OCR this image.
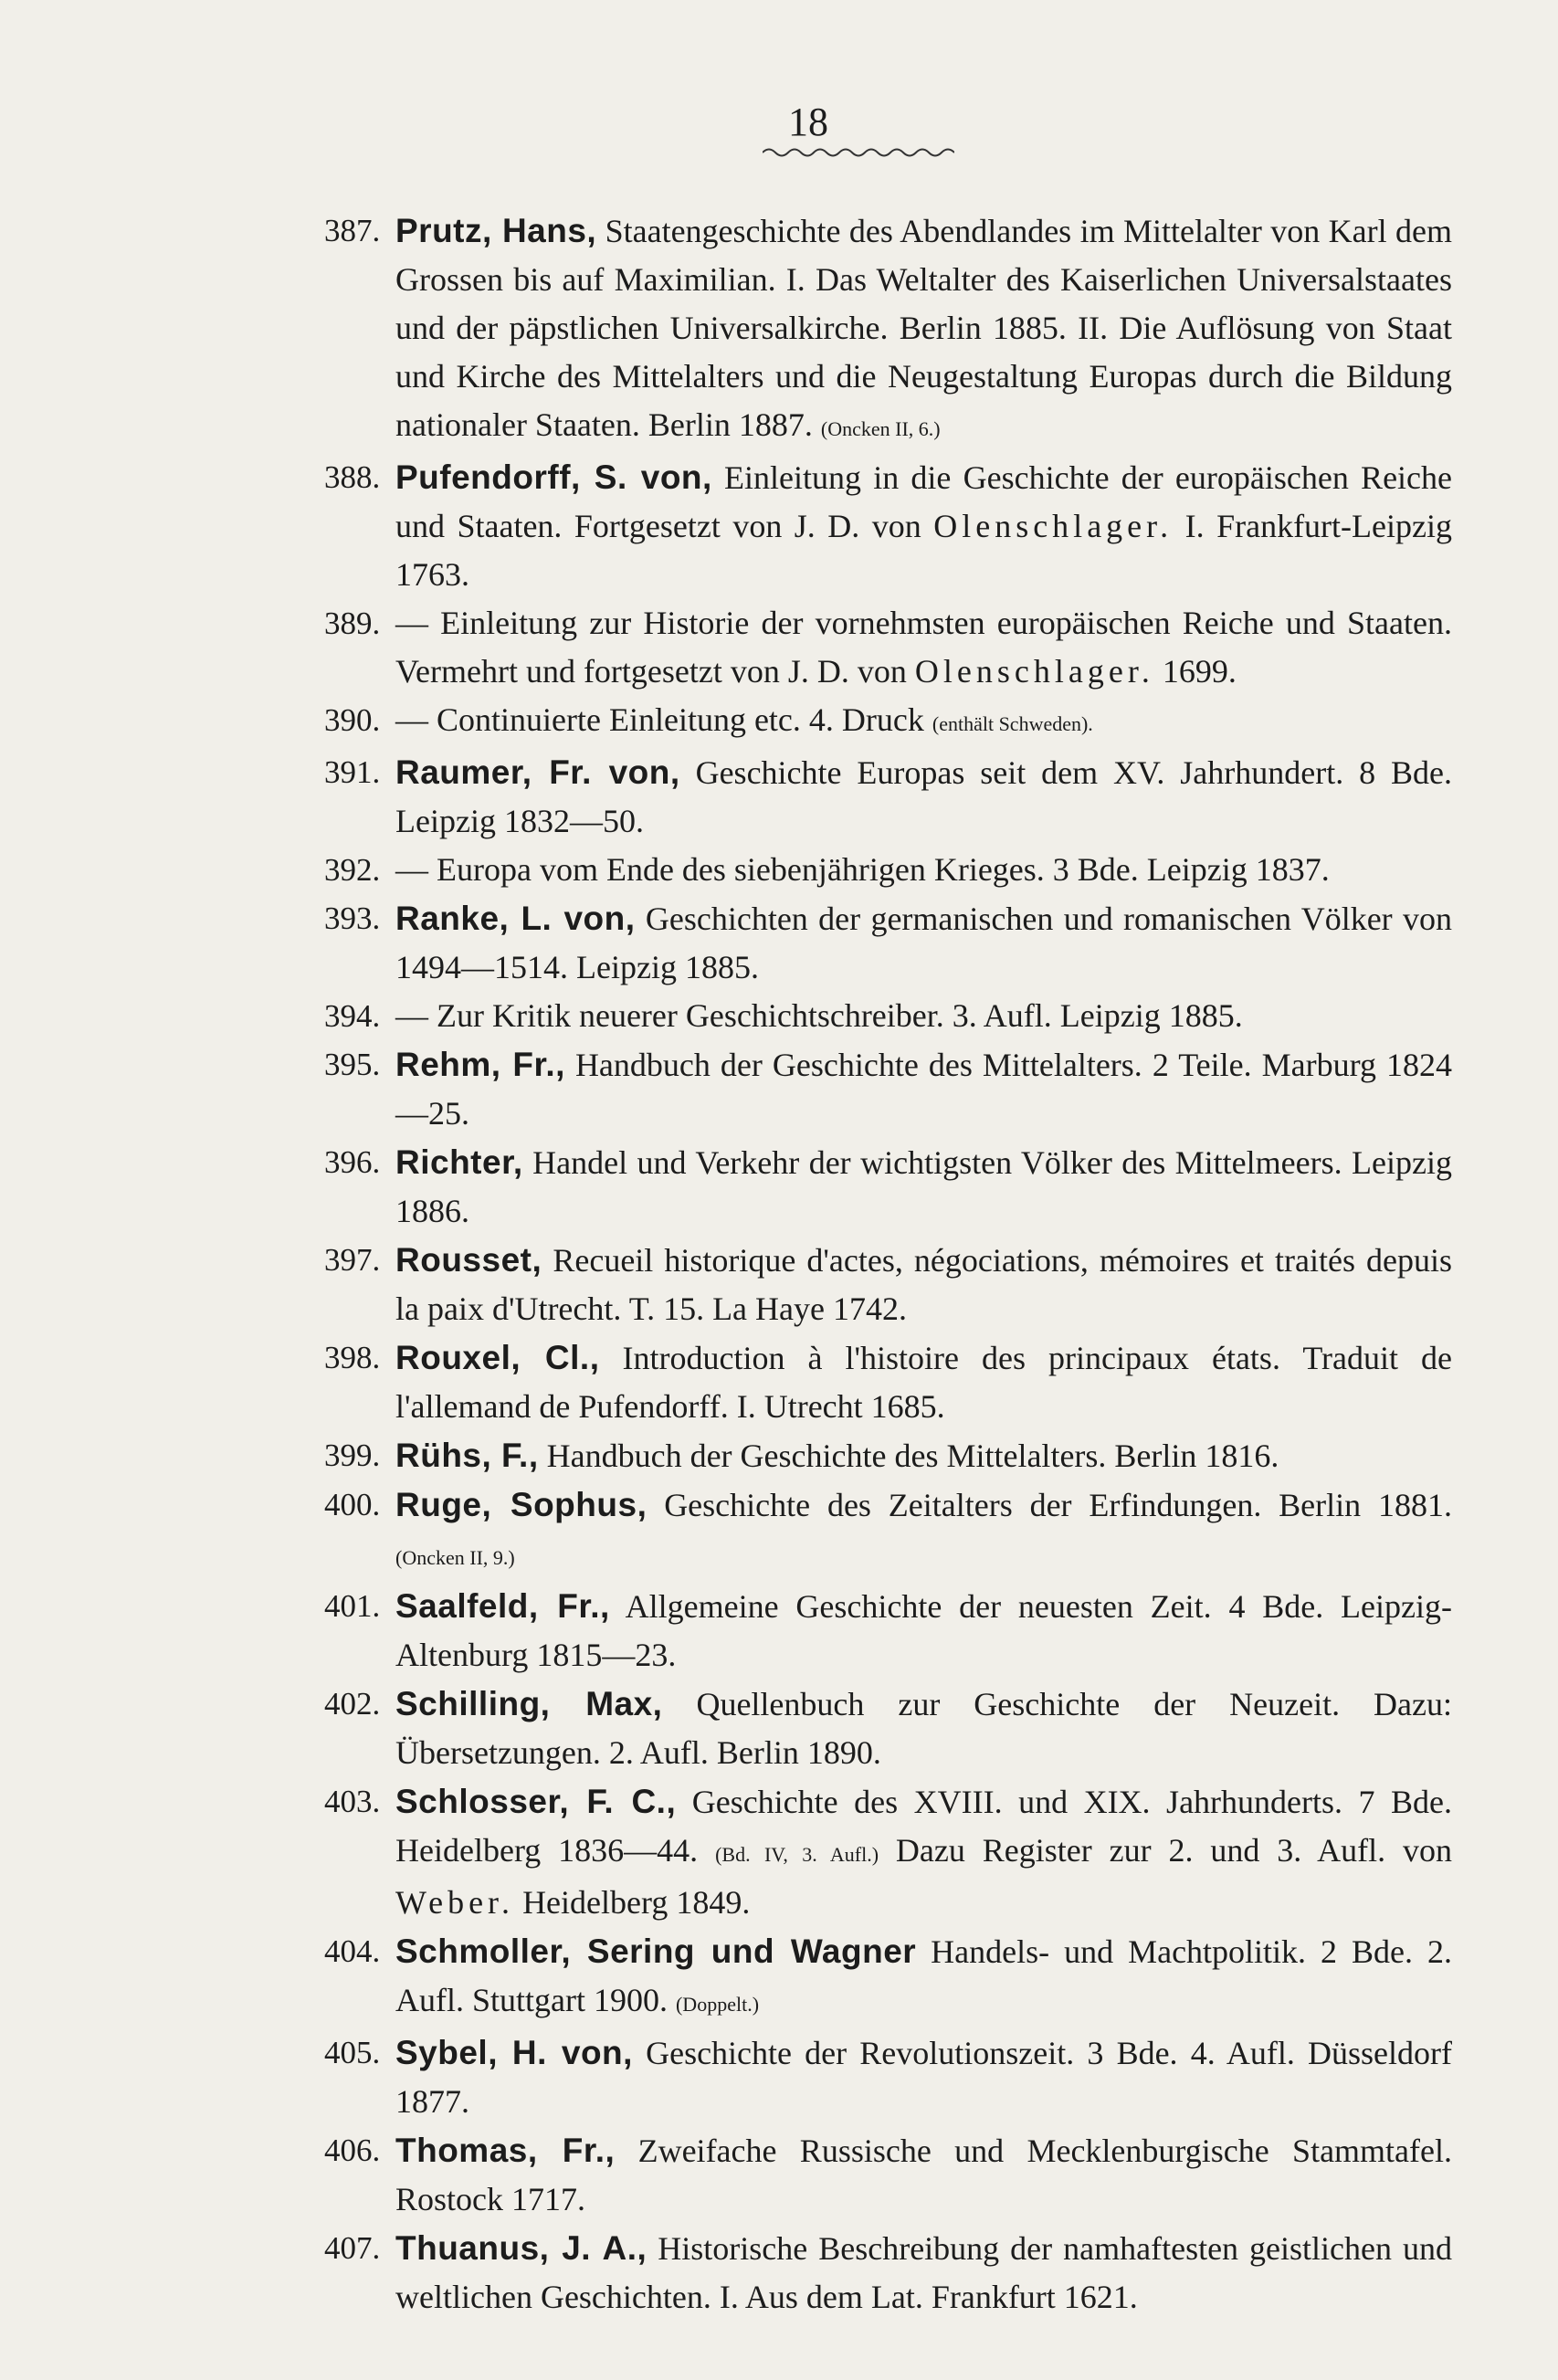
18

387. Prutz, Hans, Staatengeschichte des Abendlandes im Mittelalter von Karl dem Grossen bis auf Maximilian. I. Das Weltalter des Kaiserlichen Universalstaates und der päpstlichen Universalkirche. Berlin 1885. II. Die Auflösung von Staat und Kirche des Mittelalters und die Neugestaltung Europas durch die Bildung nationaler Staaten. Berlin 1887. (Oncken II, 6.)

388. Pufendorff, S. von, Einleitung in die Geschichte der europäischen Reiche und Staaten. Fortgesetzt von J. D. von Olenschlager. I. Frankfurt-Leipzig 1763.

389. — Einleitung zur Historie der vornehmsten europäischen Reiche und Staaten. Vermehrt und fortgesetzt von J. D. von Olenschlager. 1699.

390. — Continuierte Einleitung etc. 4. Druck (enthält Schweden).

391. Raumer, Fr. von, Geschichte Europas seit dem XV. Jahrhundert. 8 Bde. Leipzig 1832—50.

392. — Europa vom Ende des siebenjährigen Krieges. 3 Bde. Leipzig 1837.

393. Ranke, L. von, Geschichten der germanischen und romanischen Völker von 1494—1514. Leipzig 1885.

394. — Zur Kritik neuerer Geschichtschreiber. 3. Aufl. Leipzig 1885.

395. Rehm, Fr., Handbuch der Geschichte des Mittelalters. 2 Teile. Marburg 1824—25.

396. Richter, Handel und Verkehr der wichtigsten Völker des Mittelmeers. Leipzig 1886.

397. Rousset, Recueil historique d'actes, négociations, mémoires et traités depuis la paix d'Utrecht. T. 15. La Haye 1742.

398. Rouxel, Cl., Introduction à l'histoire des principaux états. Traduit de l'allemand de Pufendorff. I. Utrecht 1685.

399. Rühs, F., Handbuch der Geschichte des Mittelalters. Berlin 1816.

400. Ruge, Sophus, Geschichte des Zeitalters der Erfindungen. Berlin 1881. (Oncken II, 9.)

401. Saalfeld, Fr., Allgemeine Geschichte der neuesten Zeit. 4 Bde. Leipzig-Altenburg 1815—23.

402. Schilling, Max, Quellenbuch zur Geschichte der Neuzeit. Dazu: Übersetzungen. 2. Aufl. Berlin 1890.

403. Schlosser, F. C., Geschichte des XVIII. und XIX. Jahrhunderts. 7 Bde. Heidelberg 1836—44. (Bd. IV, 3. Aufl.) Dazu Register zur 2. und 3. Aufl. von Weber. Heidelberg 1849.

404. Schmoller, Sering und Wagner Handels- und Machtpolitik. 2 Bde. 2. Aufl. Stuttgart 1900. (Doppelt.)

405. Sybel, H. von, Geschichte der Revolutionszeit. 3 Bde. 4. Aufl. Düsseldorf 1877.

406. Thomas, Fr., Zweifache Russische und Mecklenburgische Stammtafel. Rostock 1717.

407. Thuanus, J. A., Historische Beschreibung der namhaftesten geistlichen und weltlichen Geschichten. I. Aus dem Lat. Frankfurt 1621.
